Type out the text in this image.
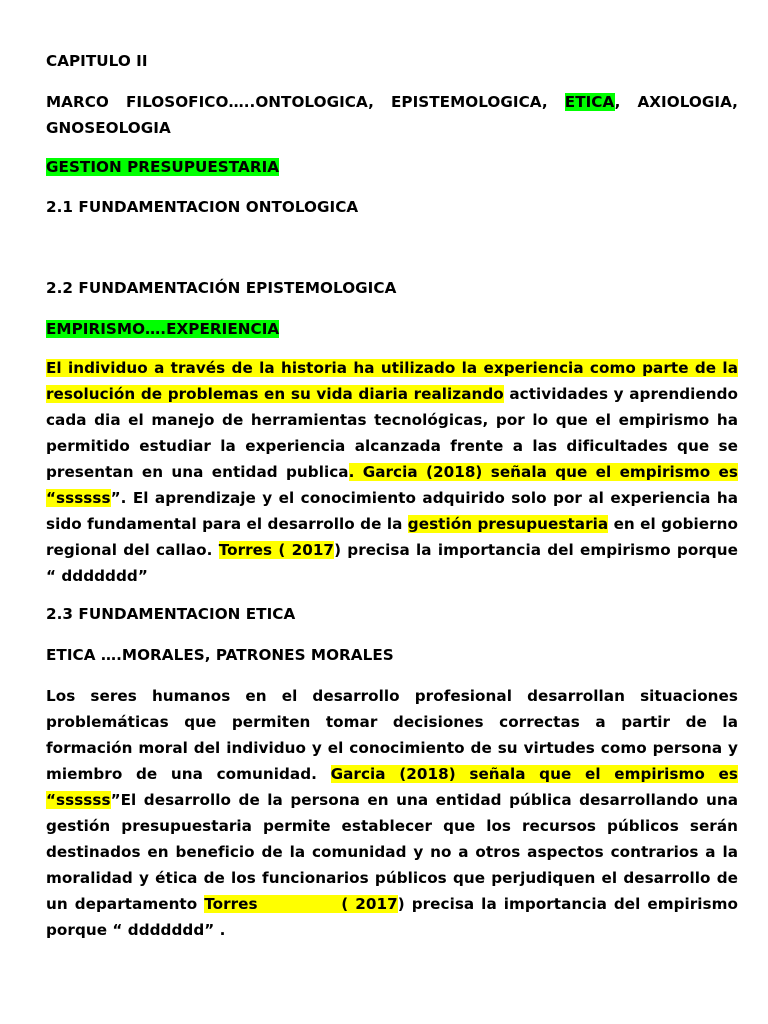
CAPITULO II

MARCO FILOSOFICO…..ONTOLOGICA, EPISTEMOLOGICA, ETICA, AXIOLOGIA, GNOSEOLOGIA

GESTION PRESUPUESTARIA

2.1 FUNDAMENTACION ONTOLOGICA

2.2 FUNDAMENTACIÓN EPISTEMOLOGICA

EMPIRISMO….EXPERIENCIA

El individuo a través de la historia ha utilizado la experiencia como parte de la resolución de problemas en su vida diaria realizando actividades y aprendiendo cada dia el manejo de herramientas tecnológicas, por lo que el empirismo ha permitido estudiar la experiencia alcanzada frente a las dificultades que se presentan en una entidad publica. Garcia (2018) señala que el empirismo es “ssssss”. El aprendizaje y el conocimiento adquirido solo por al experiencia ha sido fundamental para el desarrollo de la gestión presupuestaria en el gobierno regional del callao. Torres ( 2017) precisa la importancia del empirismo porque “ ddddddd”

2.3 FUNDAMENTACION ETICA

ETICA ….MORALES, PATRONES MORALES

Los seres humanos en el desarrollo profesional desarrollan situaciones problemáticas que permiten tomar decisiones correctas a partir de la formación moral del individuo y el conocimiento de su virtudes como persona y miembro de una comunidad. Garcia (2018) señala que el empirismo es “ssssss”El desarrollo de la persona en una entidad pública desarrollando una gestión presupuestaria permite establecer que los recursos públicos serán destinados en beneficio de la comunidad y no a otros aspectos contrarios a la moralidad y ética de los funcionarios públicos que perjudiquen el desarrollo de un departamento Torres            ( 2017) precisa la importancia del empirismo porque “ ddddddd” .
